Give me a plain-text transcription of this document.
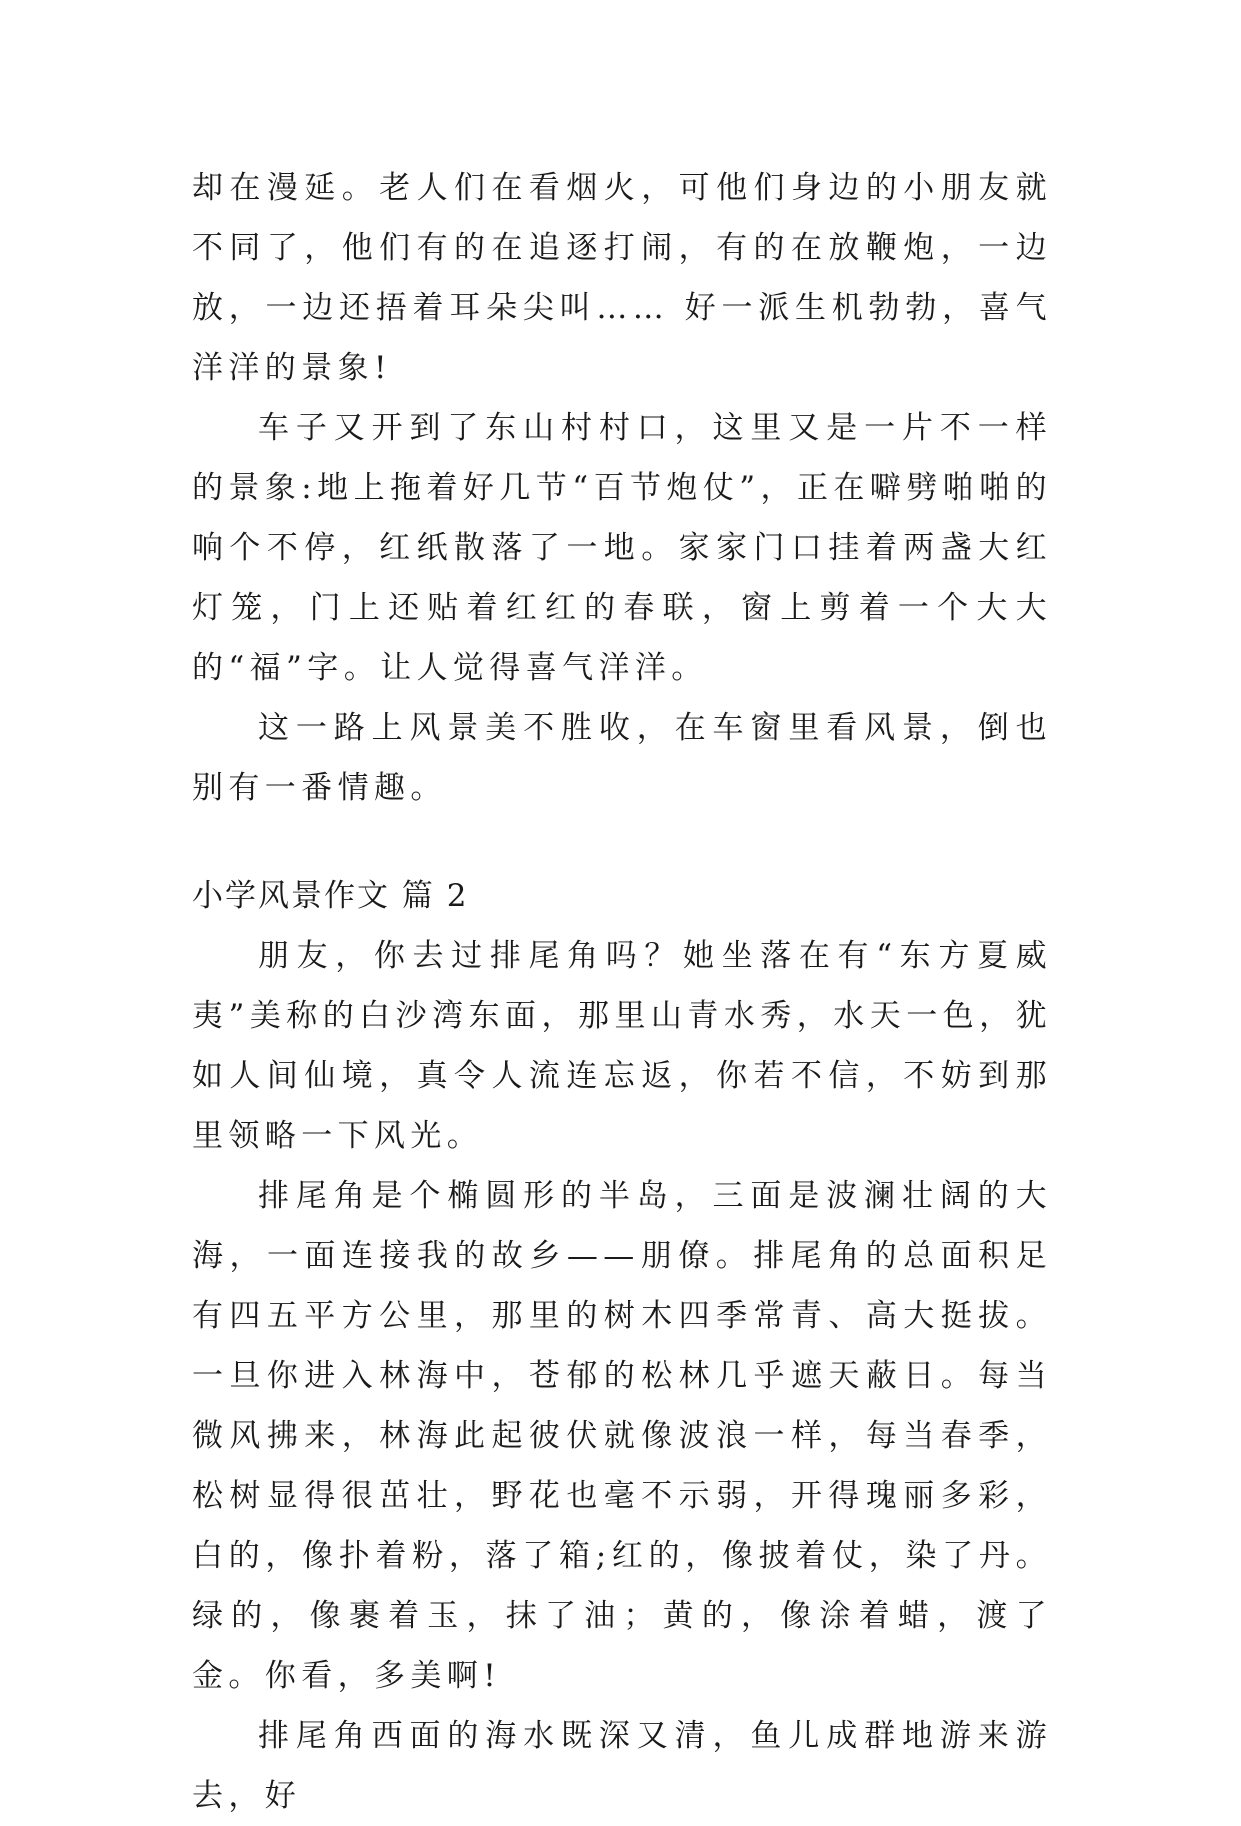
却在漫延。老人们在看烟火，可他们身边的小朋友就不同了，他们有的在追逐打闹，有的在放鞭炮，一边放，一边还捂着耳朵尖叫…… 好一派生机勃勃，喜气洋洋的景象!

车子又开到了东山村村口，这里又是一片不一样的景象:地上拖着好几节“百节炮仗”，正在噼劈啪啪的响个不停，红纸散落了一地。家家门口挂着两盏大红灯笼，门上还贴着红红的春联，窗上剪着一个大大的“福”字。让人觉得喜气洋洋。

这一路上风景美不胜收，在车窗里看风景，倒也别有一番情趣。

小学风景作文 篇 2

朋友，你去过排尾角吗？她坐落在有“东方夏威夷”美称的白沙湾东面，那里山青水秀，水天一色，犹如人间仙境，真令人流连忘返，你若不信，不妨到那里领略一下风光。

排尾角是个椭圆形的半岛，三面是波澜壮阔的大海，一面连接我的故乡——朋僚。排尾角的总面积足有四五平方公里，那里的树木四季常青、高大挺拔。一旦你进入林海中，苍郁的松林几乎遮天蔽日。每当微风拂来，林海此起彼伏就像波浪一样，每当春季，松树显得很茁壮，野花也毫不示弱，开得瑰丽多彩，白的，像扑着粉，落了箱;红的，像披着仗，染了丹。绿的，像裹着玉，抹了油；黄的，像涂着蜡，渡了金。你看，多美啊!

排尾角西面的海水既深又清，鱼儿成群地游来游去，好
